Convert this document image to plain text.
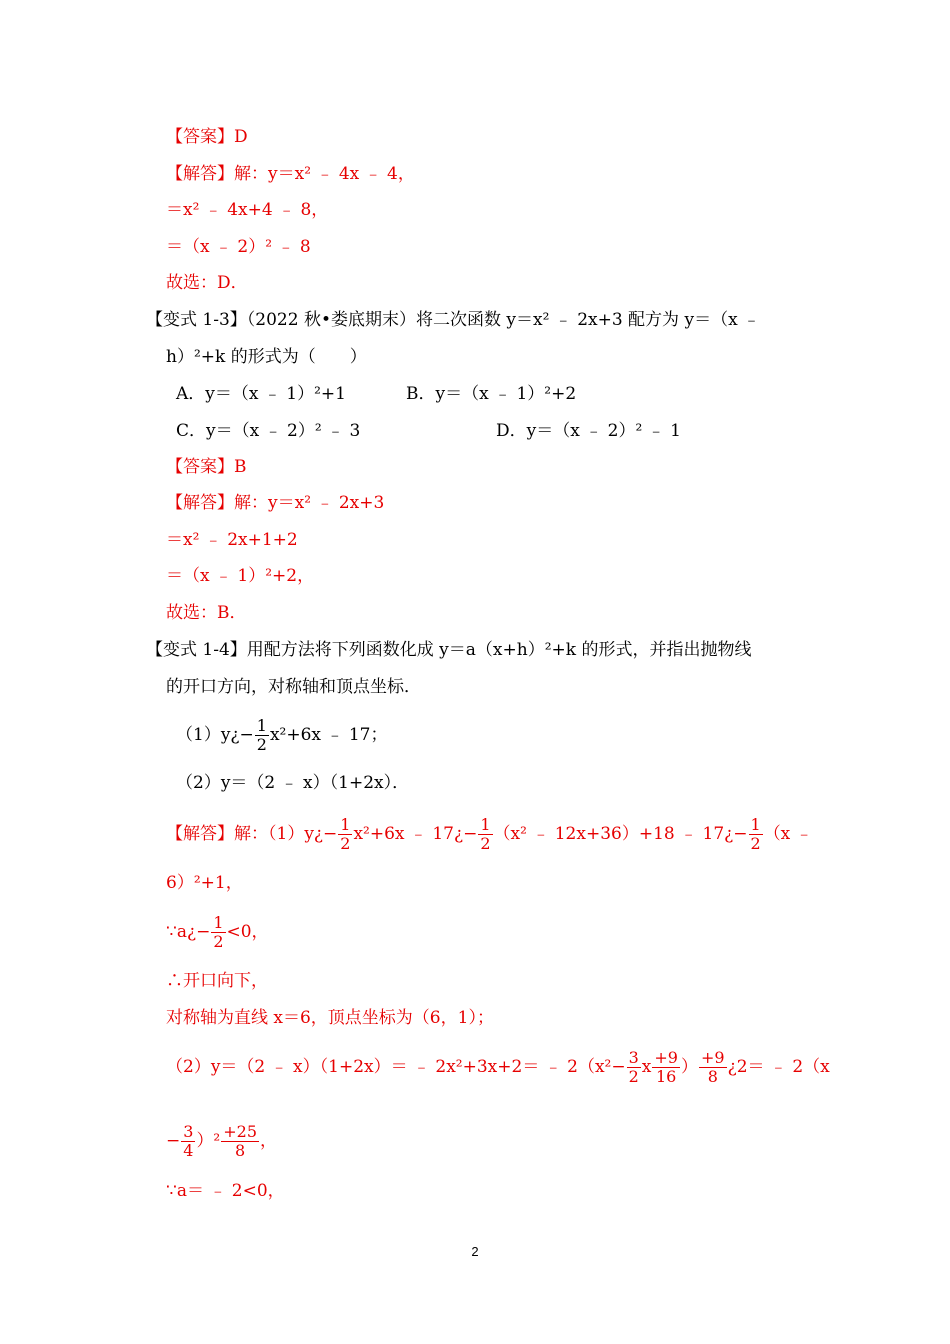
【答案】D
【解答】解：y＝x² ﹣ 4x ﹣ 4，
＝x² ﹣ 4x+4 ﹣ 8，
＝（x ﹣ 2）² ﹣ 8
故选：D．
【变式 1-3】（2022 秋•娄底期末）将二次函数 y＝x² ﹣ 2x+3 配方为 y＝（x ﹣
h）²+k 的形式为（　　）
A．y＝（x ﹣ 1）²+1	B．y＝（x ﹣ 1）²+2
C．y＝（x ﹣ 2）² ﹣ 3	D．y＝（x ﹣ 2）² ﹣ 1
【答案】B
【解答】解：y＝x² ﹣ 2x+3
＝x² ﹣ 2x+1+2
＝（x ﹣ 1）²+2，
故选：B．
【变式 1-4】用配方法将下列函数化成 y＝a（x+h）²+k 的形式，并指出抛物线
的开口方向，对称轴和顶点坐标．
（1）y¿− $\frac{1}{2} x^2+6x$ ﹣ 17；
（2）y＝（2 ﹣ x）（1+2x）．
【解答】解：（1）y¿− $\frac{1}{2} x^2+6x$ ﹣ 17¿− $\frac{1}{2} (x^2$ ﹣ 12x+36）+18 ﹣ 17¿− $\frac{1}{2} (x$ ﹣
6）²+1，
∵a¿− $\frac{1}{2} <0$，
∴开口向下，
对称轴为直线 x＝6，顶点坐标为（6，1）；
（2）y＝（2 ﹣ x）（1+2x）＝ ﹣ 2x²+3x+2＝ ﹣ $2(x^2- \frac{3}{2}$ x $\frac{+9}{16}$ ） $\frac{+9}{8}$ ¿2＝ ﹣ 2（x
− $\frac{3}{4} )^2 \frac{+25}{8}$ ，
∵a＝ ﹣ 2<0，
2
